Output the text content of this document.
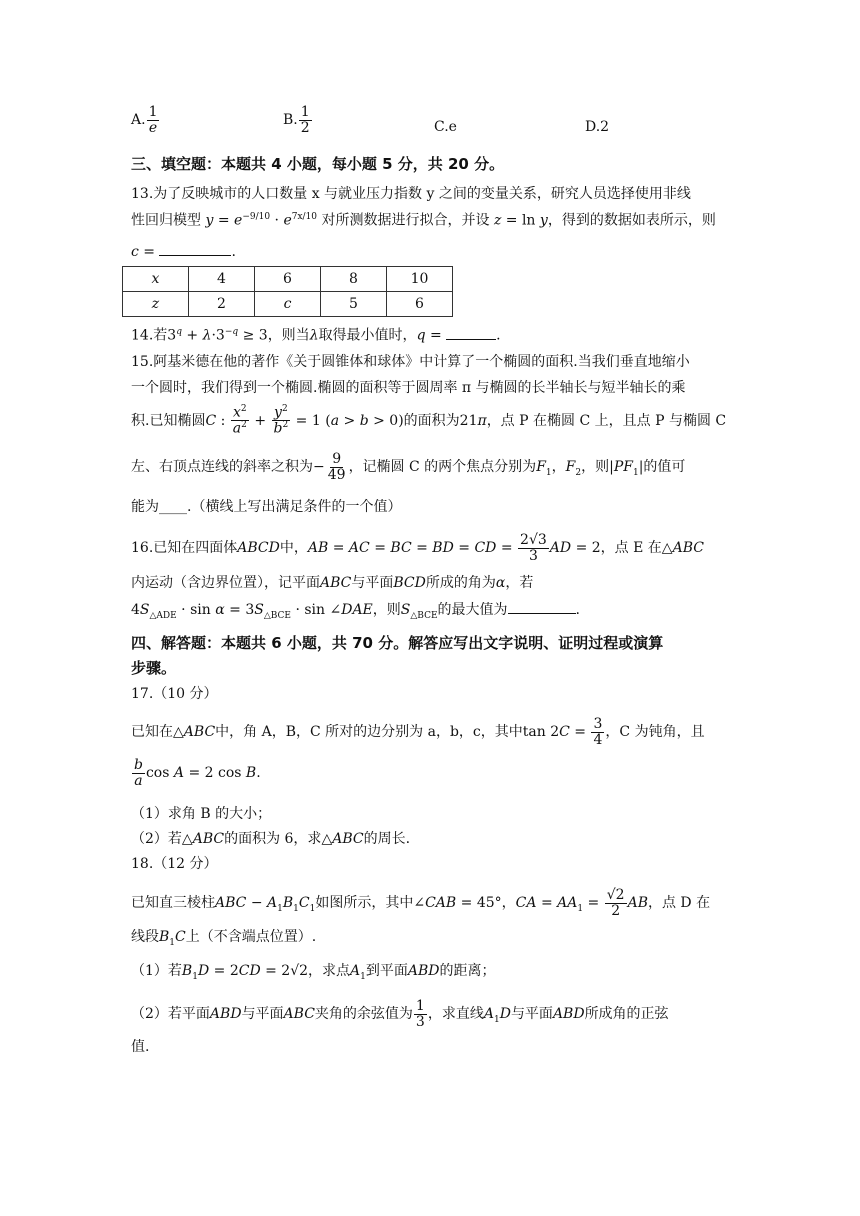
A. $\frac{1}{e}$	B. $\frac{1}{2}$	C.e	D.2
三、填空题：本题共 4 小题，每小题 5 分，共 20 分。
13.为了反映城市的人口数量 x 与就业压力指数 y 之间的变量关系，研究人员选择使用非线
性回归模型 $y = e^{-9/10} \cdot e^{7x/10}$ 对所测数据进行拟合，并设 z = ln y，得到的数据如表所示，则
c =	.
x	4	6	8	10
z	2	c	5	6
14.若$3^q + \lambda\cdot 3^{-q} \ge 3$，则当λ取得最小值时，q =	.
15.阿基米德在他的著作《关于圆锥体和球体》中计算了一个椭圆的面积.当我们垂直地缩小
一个圆时，我们得到一个椭圆.椭圆的面积等于圆周率 π 与椭圆的长半轴长与短半轴长的乘
积.已知椭圆C : $\frac{x^2}{a^2} + \frac{y^2}{b^2} = 1$ (a > b > 0)的面积为21π，点 P 在椭圆 C 上，且点 P 与椭圆 C
左、右顶点连线的斜率之积为− $\frac{9}{49}$ ，记椭圆 C 的两个焦点分别为$F_1$，$F_2$，则$|PF_1|$的值可
能为____.（横线上写出满足条件的一个值）
16.已知在四面体ABCD中，AB = AC = BC = BD = CD = $\frac{2√3}{3}$ AD = 2，点 E 在△ABC
内运动（含边界位置），记平面ABC与平面BCD所成的角为α，若
$4S_{\triangle ADE} \cdot \sin \alpha = 3S_{\triangle BCE} \cdot \sin$ ∠DAE，则$S_{\triangle BCE}$的最大值为	.
四、解答题：本题共 6 小题，共 70 分。解答应写出文字说明、证明过程或演算
步骤。
17.（10 分）
已知在△ABC中，角 A，B，C 所对的边分别为 a，b，c，其中$\tan 2C = \frac{3}{4}$ ，C 为钝角，且
$\frac{b}{a}$ cos A = 2 cos B.
（1）求角 B 的大小；
（2）若△ABC的面积为 6，求△ABC的周长.
18.（12 分）
已知直三棱柱ABC − $A_1B_1C_1$如图所示，其中∠CAB = 45°，CA = $AA_1 = \frac{√2}{2}$ AB，点 D 在
线段$B_1C$上（不含端点位置）.
（1）若$B_1D = 2CD = 2√2$，求点$A_1$到平面ABD的距离；
（2）若平面ABD与平面ABC夹角的余弦值为 $\frac{1}{3}$ ，求直线$A_1D$与平面ABD所成角的正弦
值.
